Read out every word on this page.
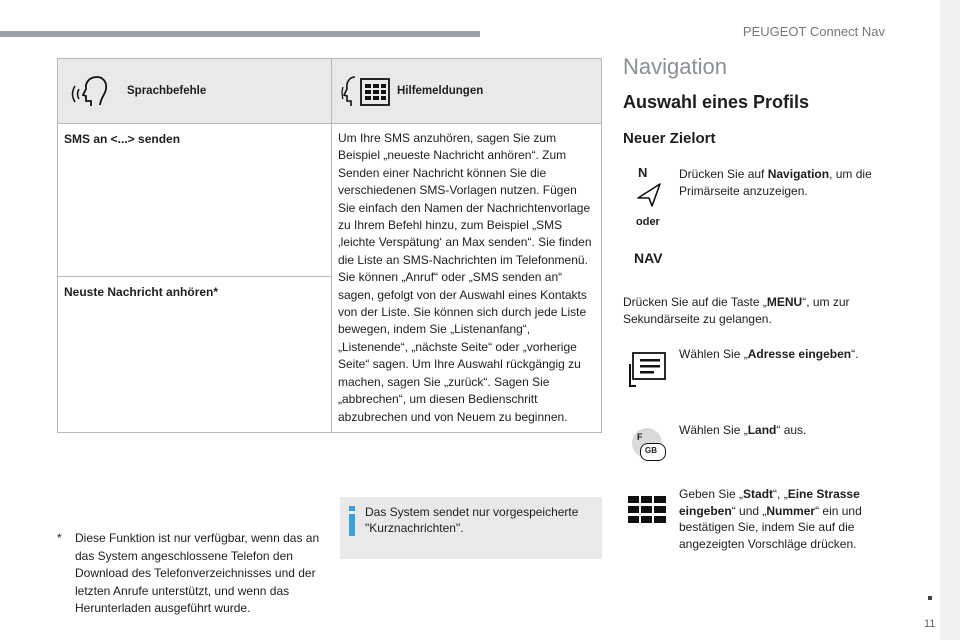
PEUGEOT Connect Nav
11
Sprachbefehle	Hilfemeldungen

SMS an <...> senden	Um Ihre SMS anzuhören, sagen Sie zum Beispiel „neueste Nachricht anhören“. Zum Senden einer Nachricht können Sie die verschiedenen SMS-Vorlagen nutzen. Fügen Sie einfach den Namen der Nachrichtenvorlage zu Ihrem Befehl hinzu, zum Beispiel „SMS ‚leichte Verspätung‘ an Max senden“. Sie finden die Liste an SMS-Nachrichten im Telefonmenü. Sie können „Anruf“ oder „SMS senden an“ sagen, gefolgt von der Auswahl eines Kontakts von der Liste. Sie können sich durch jede Liste bewegen, indem Sie „Listenanfang“, „Listenende“, „nächste Seite“ oder „vorherige Seite“ sagen. Um Ihre Auswahl rückgängig zu machen, sagen Sie „zurück“. Sagen Sie „abbrechen“, um diesen Bedienschritt abzubrechen und von Neuem zu beginnen.
Neuste Nachricht anhören*	
* Diese Funktion ist nur verfügbar, wenn das an das System angeschlossene Telefon den Download des Telefonverzeichnisses und der letzten Anrufe unterstützt, und wenn das Herunterladen ausgeführt wurde.
Das System sendet nur vorgespeicherte "Kurznachrichten".
Navigation
Auswahl eines Profils
Neuer Zielort
N	Drücken Sie auf Navigation, um die Primärseite anzuzeigen.
oder
NAV
Drücken Sie auf die Taste „MENU“, um zur Sekundärseite zu gelangen.
Wählen Sie „Adresse eingeben“.
F
GB
Wählen Sie „Land“ aus.
Geben Sie „Stadt“, „Eine Strasse eingeben“ und „Nummer“ ein und bestätigen Sie, indem Sie auf die angezeigten Vorschläge drücken.
